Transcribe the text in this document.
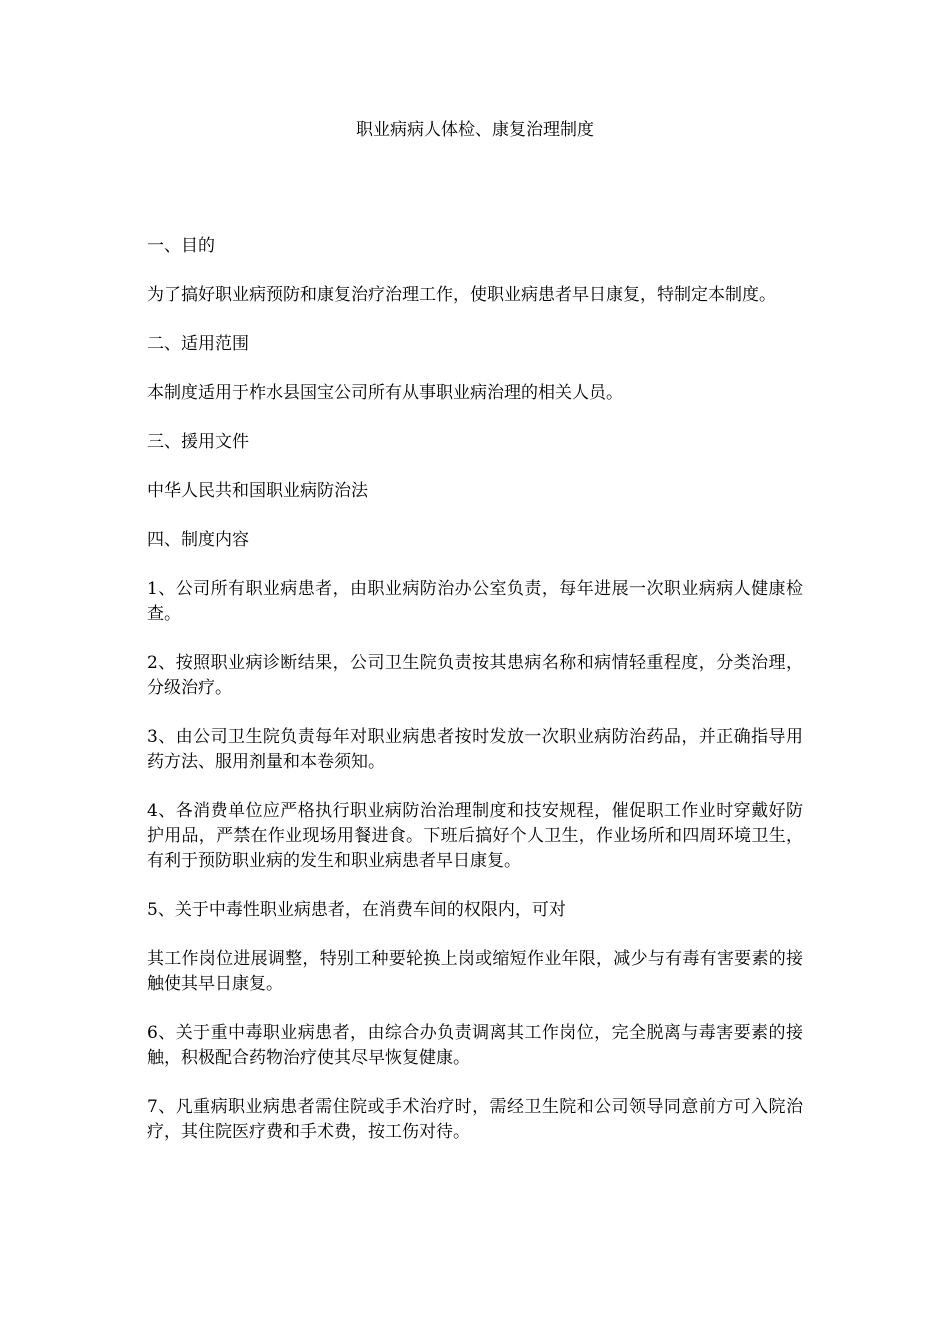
职业病病人体检、康复治理制度
一、目的
为了搞好职业病预防和康复治疗治理工作，使职业病患者早日康复，特制定本制度。
二、适用范围
本制度适用于柞水县国宝公司所有从事职业病治理的相关人员。
三、援用文件
中华人民共和国职业病防治法
四、制度内容
1、公司所有职业病患者，由职业病防治办公室负责，每年进展一次职业病病人健康检查。
2、按照职业病诊断结果，公司卫生院负责按其患病名称和病情轻重程度，分类治理，分级治疗。
3、由公司卫生院负责每年对职业病患者按时发放一次职业病防治药品，并正确指导用药方法、服用剂量和本卷须知。
4、各消费单位应严格执行职业病防治治理制度和技安规程，催促职工作业时穿戴好防护用品，严禁在作业现场用餐进食。下班后搞好个人卫生，作业场所和四周环境卫生，有利于预防职业病的发生和职业病患者早日康复。
5、关于中毒性职业病患者，在消费车间的权限内，可对
其工作岗位进展调整，特别工种要轮换上岗或缩短作业年限，减少与有毒有害要素的接触使其早日康复。
6、关于重中毒职业病患者，由综合办负责调离其工作岗位，完全脱离与毒害要素的接触，积极配合药物治疗使其尽早恢复健康。
7、凡重病职业病患者需住院或手术治疗时，需经卫生院和公司领导同意前方可入院治疗，其住院医疗费和手术费，按工伤对待。
